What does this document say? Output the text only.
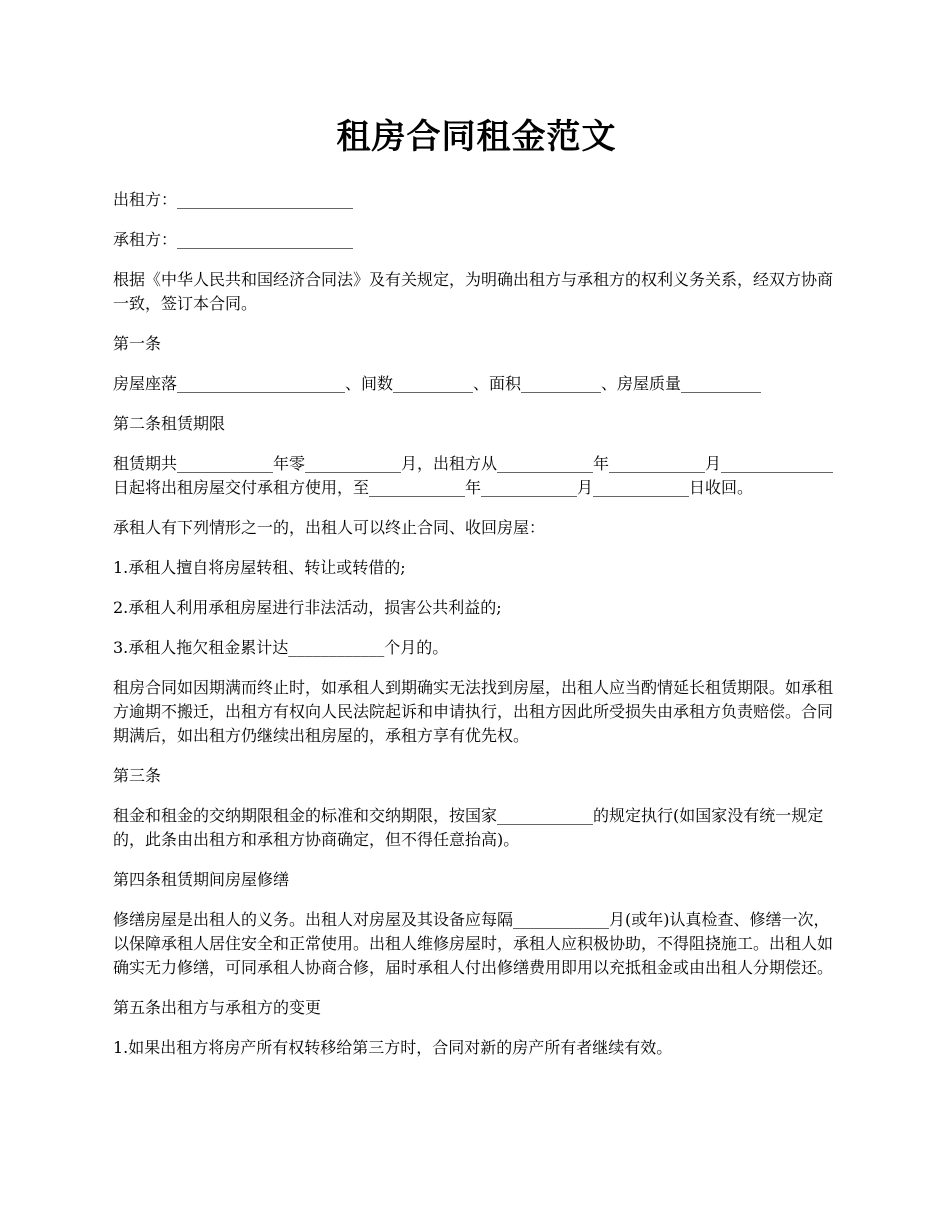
租房合同租金范文

出租方：______________________

承租方：______________________

根据《中华人民共和国经济合同法》及有关规定，为明确出租方与承租方的权利义务关系，经双方协商一致，签订本合同。

第一条

房屋座落_____________________、间数__________、面积__________、房屋质量__________

第二条租赁期限

租赁期共____________年零____________月，出租方从____________年____________月______________日起将出租房屋交付承租方使用，至____________年____________月____________日收回。

承租人有下列情形之一的，出租人可以终止合同、收回房屋：

1.承租人擅自将房屋转租、转让或转借的;

2.承租人利用承租房屋进行非法活动，损害公共利益的;

3.承租人拖欠租金累计达____________个月的。

租房合同如因期满而终止时，如承租人到期确实无法找到房屋，出租人应当酌情延长租赁期限。如承租方逾期不搬迁，出租方有权向人民法院起诉和申请执行，出租方因此所受损失由承租方负责赔偿。合同期满后，如出租方仍继续出租房屋的，承租方享有优先权。

第三条

租金和租金的交纳期限租金的标准和交纳期限，按国家____________的规定执行(如国家没有统一规定的，此条由出租方和承租方协商确定，但不得任意抬高)。

第四条租赁期间房屋修缮

修缮房屋是出租人的义务。出租人对房屋及其设备应每隔____________月(或年)认真检查、修缮一次，以保障承租人居住安全和正常使用。出租人维修房屋时，承租人应积极协助，不得阻挠施工。出租人如确实无力修缮，可同承租人协商合修，届时承租人付出修缮费用即用以充抵租金或由出租人分期偿还。

第五条出租方与承租方的变更

1.如果出租方将房产所有权转移给第三方时，合同对新的房产所有者继续有效。
